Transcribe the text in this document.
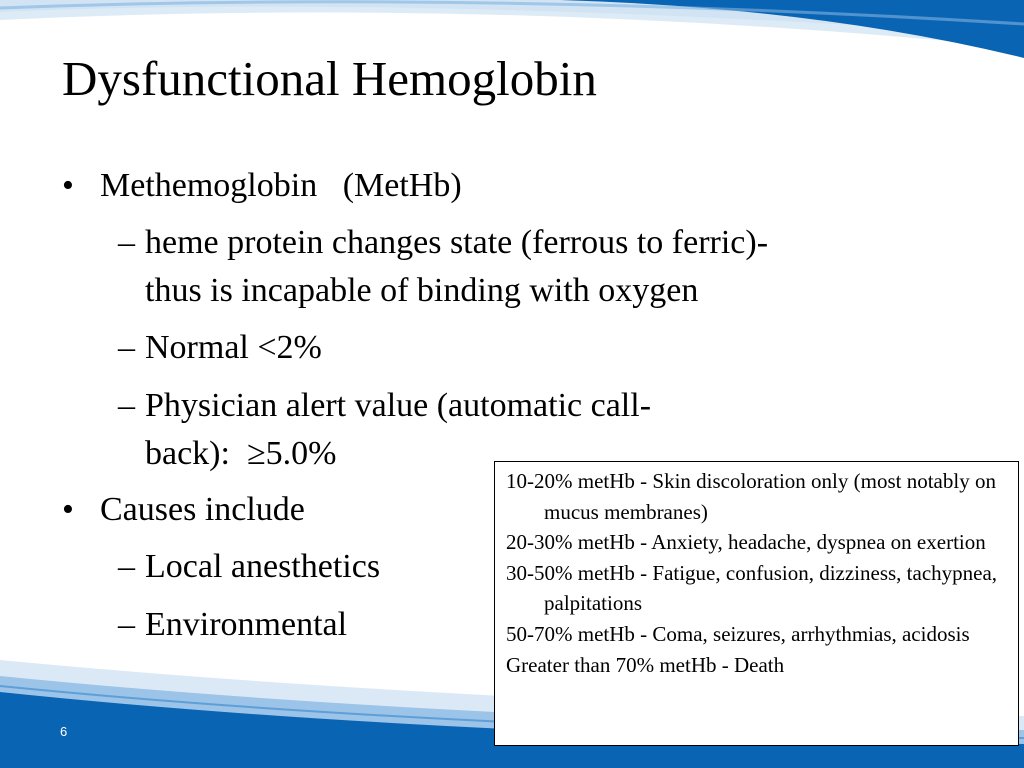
Dysfunctional Hemoglobin
• Methemoglobin   (MetHb)
– heme protein changes state (ferrous to ferric)-
thus is incapable of binding with oxygen
– Normal <2%
– Physician alert value (automatic call-
back):  ≥5.0%
• Causes include
– Local anesthetics
– Environmental
10-20% metHb - Skin discoloration only (most notably on mucus membranes)
20-30% metHb - Anxiety, headache, dyspnea on exertion
30-50% metHb - Fatigue, confusion, dizziness, tachypnea, palpitations
50-70% metHb - Coma, seizures, arrhythmias, acidosis
Greater than 70% metHb - Death
6
